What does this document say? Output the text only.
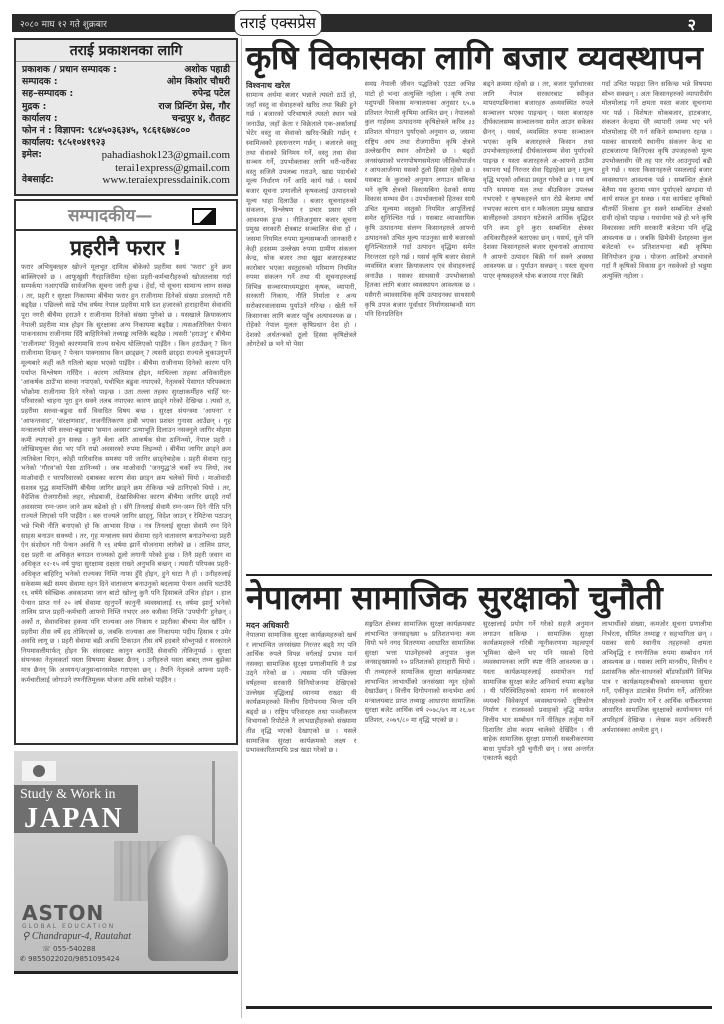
२०८० माघ १२ गते शुक्रबार	तराई एक्सप्रेस	२
तराई प्रकाशनका लागि
प्रकाशक / प्रधान सम्पादक :	अशोक पहाडी
सम्पादक :	ओम किशोर चौधरी
सह–सम्पादक :	रुपेन्द्र पटेल
मुद्रक :	राज प्रिन्टिंग प्रेस, गौर
कार्यालय :	चन्द्रपुर ४, रौतहट
फोन नं : विज्ञापन: ९८४५०३६३४५, ९८६१६७४८००
कार्यालय: ९८५१०४१९२३
इमेल:	pahadiashok123@gmail.com
terai1express@gmail.com
वेबसाईट:	www.teraiexpressdainik.com
सम्पादकीय—
प्रहरीनै फरार !
फरार अभियुक्तहरु खोज्ने मूलभूत दायित्व बोकेको प्रहरीमा स्वयं 'फरार' हुने क्रम बाक्लिएको छ । आफूखुसी गैरहाजिरीमा रहेका प्रहरी-कर्मचारीहरुको खोजतलास गर्दा सम्पर्कमा नआएपछि सार्वजनिक सूचना जारी हुन्छ । हेर्दा, यो सूचना सामान्य लाग्न सक्छ । तर, प्रहरी र सुरक्षा निकायमा बीचैमा फरार हुन राजीनामा दिनेको संख्या डरलाग्दो गरी बढ्दैछ । पछिल्लो साढे पाँच वर्षमा नेपाल प्रहरीमा मात्रै दश हजारको हाराहारीमा सेवावधि पूरा नगरी बीचैमा हराउने र राजीनामा दिनेको संख्या पुगेको छ । यसखाले क्रियाकलाप नेपाली प्रहरीमा मात्र होइन कि सुरक्षाका अन्य निकायमा बढ्दैछ । त्यसअतिरिक्त पेन्सन पाकनासाथ राजीनामा दिँदै बाहिरिनेको तथ्याङ्क त्यत्तिकै बढ्दैछ । त्यसरी 'हराउनु' र बीचैमा 'राजीनामा' दिनुको कारणमाथि राज्य सचेत्य घोत्लिएको पाइँदैन । किन हराउँछन् ? किन राजीनामा दिन्छन् ? पेन्सन पाक्नासाथ किन छाड्छन् ? त्यसरी छाड्दा राज्यले चुकाउनुपर्ने मूल्यबारे कहीं कतै गतिलो बहस भएको पाइँदैन । बीचैमा राजीनामा दिनेको कारण पनि पर्याप्त विश्लेषण गरिँदैन । कारण त्यतिमात्र होइन, माथिल्ला तहका अधिकारीहरु 'आकर्षक ठाउँ'मा सरुवा नपाएको, यथोचित बढुवा नपाएको, नेतृत्वको पेसागत परिपक्वता भोक्रोमा राजीनामा दिने गरेको पाइन्छ । उता तल्ला तहका सुरक्षाकर्मीहरु चाहिँ घर-परिवारको चाहना पूरा हुन सक्ने तलब नपाएका कारण छाड्ने गरेको देखिन्छ । त्यसो त, प्रहरीमा सरुवा-बढुवा सधैं विवादित विषय बन्छ । सुरक्षा संयन्त्रमा 'आफ्ना' र 'आफन्तवाद', 'संरक्षणवाद', राजनीतिकरण हाबी भएका प्रशस्त गुनासा आउँछन् । गृह मन्त्रालयले पनि सरुवा-बढुवामा 'समान अवसर' प्रत्याभूति दिलाउन नसक्नुले जागिर मोहमा कमी ल्याएको हुन सक्छ । कुनै बेला अति आकर्षक सेवा ठानिन्थ्यो, नेपाल प्रहरी । जोखिमयुक्त सेवा भए पनि राम्रो अवसरको रुपमा लिइन्थ्यो । बीचैमा जागिर छाड्ने क्रम त्यतिबेला थिएन, कोही पारिवारिक समस्या परी जागिर छाड्नेबाहेक । प्रहरी सेवामा रहनु भनेको 'गौरव'को पेसा ठानिन्थ्यो । जब माओवादी 'जनयुद्ध'ले चर्को रुप लियो, तब माओवादी र घरपरिवारको दबाबका कारण सेवा छाड्न क्रम चलेको थियो । माओवादी सशस्त्र युद्ध समाप्तिसँगै बीचैमा जागिर छाड्ने क्रम रोकिन्छ भन्ने ठानिएको थियो । तर, वैदेशिक रोजगारीको लहर, लोडबाजी, देखासिकीका कारण बीचैमा जागिर छाड्दै नयाँ अवसरमा रम्न-जम्न जाने क्रम बढेको हो । सँगै तिनलाई सेवामै रम्न-जम्न दिने नीति पनि राज्यले लिएको पनि पाइँदैन । बरु राज्यले जागिर छाड्नु, विदेश जाउन् र रेमिटेन्स पठाउन् भन्ने भित्री नीति बनाएको हो कि आभास दिन्छ । नत्र तिनलाई सुरक्षा सेवामै रम्न दिने साहस बनाउन सक्थ्यो । तर, गृह मन्त्रालय स्वयं सेवामा रहने वातावरण बनाउनेभन्दा प्रहरी ऐन संशोधन गरी पेन्सन अवधि नै १६ वर्षमा झार्ने योजनामा लागेको छ । तालिम प्राप्त, दक्ष प्रहरी वा अधिकृत बनाउन राज्यको ठूलो लगानी परेको हुन्छ । तिनै प्रहरी जवान वा अधिकृत १२-१५ वर्ष पुग्दा सुरक्षामा दक्षता राख्ने अनुभवि बन्छन् । त्यसरी परिपक्व प्रहरी-अधिकृत बाहिरिनु भनेको राज्यका निम्ति नाफा हुँदै होइन, हुने घाटा नै हो । उनीहरुलाई सकेसम्म बढी समय सेवामा रहन दिने वातावरण बनाउनुको बदलामा पेन्सन अवधि घटाउँदै १६ वर्षमै स्वेच्छिक अवकाशमा जान बाटो खोल्नु कुनै पनि हिसाबले उचित होइन । हाल पेन्सन प्राप्त गर्न २० वर्ष सेवामा रहनुपर्ने कानुनी व्यवस्थालाई १६ वर्षमा झार्नु भनेको तालिम प्राप्त प्रहरी-कर्मचारी आफ्नो निम्ति नभएर अरु कसैका निम्ति 'उपयोगी' हुनेछन् । अर्को त, सेवावधिका हकमा पनि राज्यका अरु निकाय र प्रहरीका बीचमा मेल खाँदैन । प्रहरीमा तीस वर्षे हद तोकिएको छ, जबकि राज्यका अरु निकायमा पदीय हिसाब र उमेर अवधि लागू छ । प्रहरी सेवामा बढी अवधि टिकाउन तीस वर्षे हदबारे सोच्नुपर्छ र सरकारले नियमावलीमार्फत् होइन कि संसदबाट कानुन बनाउँदै सेवावधि तोकिनुपर्छ । सुरक्षा संयन्त्रका नेतृत्वकर्ता यस्ता विषयमा बेखबर छैनन् । उनीहरुले यस्ता बाबत् तथ्य बुझेका मात्र छैनन् कि अध्ययन/अनुसन्धानसमेत गराएका छन् । तैपनि नेतृत्वले आफ्ना प्रहरी-कर्मचारीलाई जोगाउने रणनीतिमूलक योजना अघि सारेको पाइँदैन ।
Study & Work in
JAPAN
ASTON
GLOBAL EDUCATION
⚲ Chandrapur-4, Rautahat
☏ 055-540288
✆ 9855022020/9851095424
कृषि विकासका लागि बजार व्यवस्थापन
विश्वनाथ खरेल
सामान्य अर्थमा बजार भन्नाले त्यस्तो ठाउँ हो, जहाँ वस्तु वा सेवाहरुको खरिद तथा बिक्री हुने गर्छ । बजारको परिभाषाले त्यस्तो स्थान भन्ने जनाउँछ, जहाँ क्रेता र विक्रेताले एक-अर्कालाई भेटेर वस्तु वा सेवाको खरिद-बिक्री गर्छन् र स्वामित्वको हस्तान्तरण गर्छन् । बजारले वस्तु तथा सेवाको विनिमय गर्ने, वस्तु तथा सेवा सञ्चय गर्ने, उपभोक्ताका लागि थरी-थरीका वस्तु सजिलै उपलब्ध गराउने, खाद्य पदार्थको मूल्य निर्धारण गर्ने आदि कार्य गर्छ । यसर्थ बजार सूचना प्रणालीले कृषकलाई उत्पादनको मूल्य थाहा दिलाउँछ । बजार सूचनाहरुको संकलन, विश्लेषण र प्रचार प्रसार पनि आवश्यक हुन्छ । नीतिअनुसार बजार सूचना प्रमुख सरकारी क्षेत्रबाट सञ्चालित सेवा हो । जसमा नियमित रुपमा मूल्यसम्बन्धी जानकारी र केही हदसम्म उल्लेख्य रुपमा ग्रामीण संकलन केन्द्र, थोक बजार तथा खुद्रा बजारहरुबाट कारोबार भएका वस्तुहरुको परिमाण नियमित रुपमा संकलन गर्ने तथा यी सूचनाहरुलाई विभिन्न सञ्चारमाध्यमद्वारा कृषक, व्यापारी, सरकारी निकाय, नीति निर्माता र अन्य सरोकारवालासम्म पुर्याउने गरिन्छ । खेती गर्ने किसानका लागि बजार पहुँच अत्यावश्यक छ । रोहेको नेपाल मूलतः कृषिप्रधान देश हो । देशको अर्थतन्त्रको ठूलो हिस्सा कृषिक्षेत्रले ओगटेको छ भने यो पेसा
समग्र नेपाली जीवन पद्धतिको एउटा अभिन्न पाटो हो भन्दा अत्युक्ति नहोला । कृषि तथा पशुपन्छी विकास मन्त्रालयका अनुसार ६५.७ प्रतिशत नेपाली कृषिमा आश्रित छन् । नेपालको कुल गार्हस्थ्य उत्पादनमा कृषिक्षेत्रले करिब ३३ प्रतिशत योगदान पुर्याएको अनुमान छ, जसमा राष्ट्रिय आय तथा रोजगारीमा कृषि क्षेत्रले उल्लेखनीय स्थान ओगटेको छ । बढ्दो जनसंख्याको भरणपोषणसमेतमा जीविकोपार्जन र आयआर्जनमा यसको ठूलो हिस्सा रहेको छ । यसबाट के कुराको अनुमान लगाउन सकिन्छ भने कृषि क्षेत्रको विकासबिना देशको समग्र विकास सम्भव छैन । उपभोक्ताको हितका साथै उचित मूल्यमा वस्तुको नियमित आपूर्तिलाई समेत सुनिश्चित गर्छ । यसबाट व्यावसायिक कृषि उत्पादनमा संलग्न किसानहरुले आफ्नो उत्पादनको उचित मूल्य पाउनुका साथै बजारको सुनिश्चिततालेे गर्दा उत्पादन वृद्धिमा समेत निरन्तरता रहने गर्छ । यसर्थ कृषि बजार सेवाले व्यवस्थित बजार क्रियाकलाप एवं सेवाहरुलाई जनाउँछ । यसका साथसाथै उपभोक्ताको हितका लागि बजार व्यवस्थापन आवश्यक छ । यसैगरी व्यावसायिक कृषि उत्पादनका साथसाथै कृषि उपज बजार पूर्वाधार निर्माणसम्बन्धी माग पनि दिनप्रतिदिन
बढ्ने क्रममा रहेको छ । तर, बजार पूर्वाधारका लागि नेपाल सरकारबाट स्वीकृत मापदण्डबिनाका बजारहरु अव्यवस्थित रुपले सञ्चालन भएका पाइन्छन् । यस्ता बजारहरु दीर्घकालसम्म सञ्चालनमा समेत आउन सकेका छैनन् । यसर्थ, व्यवस्थित रुपमा सञ्चालन भएका कृषि बजारहरुले किसान तथा उपभोक्ताहरुलाई दीर्घकालसम्म सेवा पुर्याएको पाइन्छ र यस्ता बजारहरुले अ-आफ्नो ठाउँमा स्थापना भई निरन्तर सेवा दिइरहेका छन् । मूल्य वृद्धि भएको आँकडा प्रस्तुत गरेको छ । यस वर्ष पनि समयमा मल तथा बीउबिजन उपलब्ध नभएको र कृषकहरुले धान रोप्ने बेलामा वर्षा नभएका कारण धान र मकैजस्ता प्रमुख खाद्यान्न बालीहरुको उत्पादन घटेकाले आर्थिक वृद्धिदर पनि कम हुने कुरा सम्बन्धित क्षेत्रका अधिकारीहरुले बताएका छन् । यसर्थ, धुले पनि देशका किसानहरुले बजार सूचनाको आधारमा नै आफ्नो उत्पादन बिक्री गर्न सक्ने अवस्था आवश्यक छ । पुर्याउन सक्छन् । यस्ता सूचना पाएर कृषकहरुले थोक बजारमा गएर बिक्री
गर्दा उचित फाइदा लिन सकिन्छ भन्ने विषयमा सोच्न सक्छन् । अतः किसानहरुको व्यापारीसँग मोलमोलाइ गर्ने क्षमता यस्ता बजार सूचनामा भर पर्छ । विशेषतः थोकबजार, हाटबजार, संकलन केन्द्रमा धेरै व्यापारी जम्मा भए भने मोलमोलाइ धेरै गर्न सकिने सम्भावना रहन्छ । यसका साथसाथै स्थानीय संकलन केन्द्र वा हाटबजारमा किनिएका कृषि उपजहरुको मूल्य उपभोक्तासँग धेरै तह पार गरेर आउनुपर्दा बढी हुने गर्छ । यस्ता किसानहरुले पसललाई बजार व्यवस्थापन आवश्यक पर्छ । सम्बन्धित क्षेत्रले बेलैमा यस कुरामा ध्यान पुर्याएको खण्डमा यो कार्य सफल हुन सक्छ । यस कार्यबाट कृषिको चौतर्फी विकास हुन सक्ने सम्बन्धित क्षेत्रको दावी रहेको पाइन्छ । यथार्थमा भन्ने हो भने कृषि विकासका लागि सरकारी बजेटमा पनि वृद्धि आवश्यक छ । जबकि छिमेकी देशहरुमा कुल बजेटको १० प्रतिशतभन्दा बढी कृषिमा विनियोजन हुन्छ । योजना आदिको अभावले गर्दा नै कृषिको विकास हुन नसकेको हो भन्नुमा अत्युक्ति नहोला ।
नेपालमा सामाजिक सुरक्षाको चुनौती
मदन अधिकारी
नेपालमा सामाजिक सुरक्षा कार्यक्रमहरुको खर्च र लाभान्वित जनसंख्या निरन्तर बढ्दै गए पनि आर्थिक रुपले विपन्न वर्गलाई प्रभाव पार्न नसक्दा सामाजिक सुरक्षा प्रणालीमाथि नै प्रश्न उठ्ने गरेको छ । त्यसमा पनि पछिल्ला वर्षहरुमा सरकारी विनियोजनमा देखिएको उल्लेख्य वृद्धिलाई ध्यानमा राख्दा यी कार्यक्रमहरुको वित्तीय दिगोपनमा चिन्ता पनि बढ्दो छ । राष्ट्रिय परिवारहरु तथा पञ्जीकरण विभागको रिपोर्टले नै लाभग्राहीहरुको संख्यामा तीव्र वृद्धि भएको देखाएको छ । यसले सामाजिक सुरक्षा कार्यक्रमको लक्ष्य र प्रभावकारितामाथि प्रश्न खडा गरेको छ ।
सङ्गठित क्षेत्रका सामाजिक सुरक्षा कार्यक्रमबाट लाभान्वित जनसङ्ख्या ७ प्रतिशतभन्दा कम थियो भने नगद वितरणमा आधारित सामाजिक सुरक्षा भत्ता पाउनेहरुको अनुपात कुल जनसङ्ख्याको १० प्रतिशतको हाराहारी थियो । यी तथ्यहरुले सामाजिक सुरक्षा कार्यक्रमबाट लाभान्वित लाभार्थीको जनसंख्या न्यून रहेको देखाउँछन् । वित्तीय दिगोपनाको सन्दर्भमा अर्थ मन्त्रालयबाट प्राप्त तथ्याङ्क आधारमा सामाजिक सुरक्षा बजेट आर्थिक वर्ष २०७८/७९ मा २६.७१ प्रतिशत, २०७९/८० मा वृद्धि भएको छ ।
सुरक्षालाई प्रयोग गर्ने गरेको सहजै अनुमान लगाउन सकिन्छ । सामाजिक सुरक्षा कार्यक्रमहरुले गरिबी न्यूनीकरणमा महत्वपूर्ण भूमिका खेल्ने भए पनि यसको दिगो व्यवस्थापनका लागि स्पष्ट नीति आवश्यक छ । यस्ता कार्यक्रमहरुलाई समायोजन गर्दा सामाजिक सुरक्षा बजेट अनिवार्य रुपमा बढ्नेछ । यी परिस्थितिहरुको सामना गर्न सरकारले व्ययको विवेकपूर्ण व्यवस्थापनको दृष्टिकोण निर्माण र राजस्वको प्रवाहको वृद्धि मार्फत वित्तीय भार सम्बोधन गर्ने नीतिहरु तर्जुमा गर्ने दिशातिर ठोस कदम चालेको देखिँदैन । यी बाहेक सामाजिक सुरक्षा प्रणाली सबलीकरणमा बाधा पुर्याउने थुप्रै चुनौती छन् । जस अन्तर्गत एकातर्फ बढ्दो
लाभार्थीको संख्या, कमजोर सूचना प्रणालीमा निर्भरता, सीमित तथ्याङ्क र सहभागिता छन् । यसका साथै स्थानीय तहहरुको क्षमता अभिवृद्धि र रणनीतिक रुपमा सम्बोधन गर्न आवश्यक छ । यसका लागि मानवीय, वित्तीय र प्रशासनिक स्रोत-साधनको बाँडफाँडसँगै विभिन्न पात्र र कार्यक्रमहरुबीचको समन्वयमा सुधार गर्ने, एकीकृत डाटाबेस निर्माण गर्ने, अतिरिक्त स्रोतहरुको उपयोग गर्ने र आर्थिक वर्गीकरणमा आधारित सामाजिक सुरक्षाको कार्यान्वयन गर्न अपरिहार्य देखिन्छ । लेखक मदन अधिकारी अर्थशास्त्रका अध्येता हुन् ।
